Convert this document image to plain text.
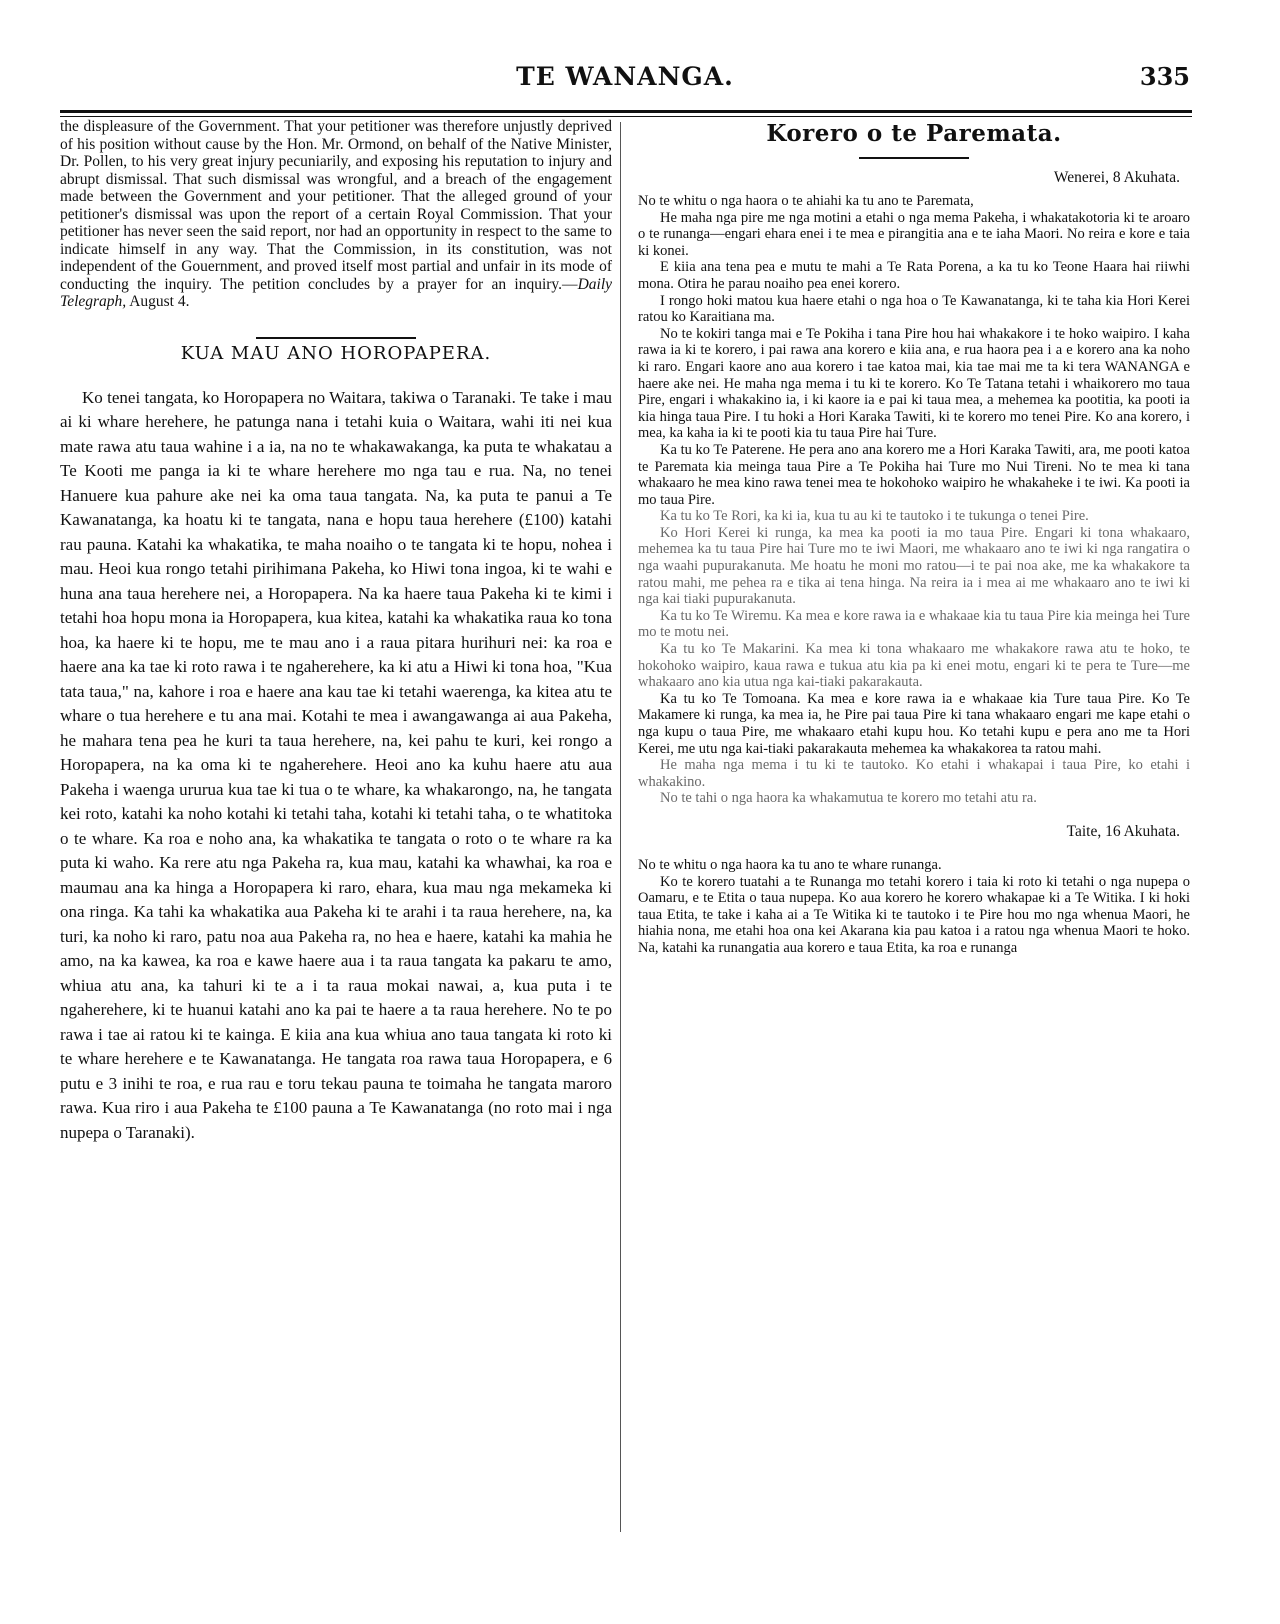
TE WANANGA.	335

the displeasure of the Government. That your petitioner was therefore unjustly deprived of his position without cause by the Hon. Mr. Ormond, on behalf of the Native Minister, Dr. Pollen, to his very great injury pecuniarily, and exposing his reputation to injury and abrupt dismissal. That such dismissal was wrongful, and a breach of the engagement made between the Government and your petitioner. That the alleged ground of your petitioner's dismissal was upon the report of a certain Royal Commission. That your petitioner has never seen the said report, nor had an opportunity in respect to the same to indicate himself in any way. That the Commission, in its constitution, was not independent of the Gouernment, and proved itself most partial and unfair in its mode of conducting the inquiry. The petition concludes by a prayer for an inquiry.—Daily Telegraph, August 4.

KUA MAU ANO HOROPAPERA.

Ko tenei tangata, ko Horopapera no Waitara, takiwa o Taranaki. Te take i mau ai ki whare herehere, he patunga nana i tetahi kuia o Waitara, wahi iti nei kua mate rawa atu taua wahine i a ia, na no te whakawakanga, ka puta te whakatau a Te Kooti me panga ia ki te whare herehere mo nga tau e rua. Na, no tenei Hanuere kua pahure ake nei ka oma taua tangata. Na, ka puta te panui a Te Kawanatanga, ka hoatu ki te tangata, nana e hopu taua herehere (£100) katahi rau pauna. Katahi ka whakatika, te maha noaiho o te tangata ki te hopu, nohea i mau. Heoi kua rongo tetahi pirihimana Pakeha, ko Hiwi tona ingoa, ki te wahi e huna ana taua herehere nei, a Horopapera. Na ka haere taua Pakeha ki te kimi i tetahi hoa hopu mona ia Horopapera, kua kitea, katahi ka whakatika raua ko tona hoa, ka haere ki te hopu, me te mau ano i a raua pitara hurihuri nei: ka roa e haere ana ka tae ki roto rawa i te ngaherehere, ka ki atu a Hiwi ki tona hoa, "Kua tata taua," na, kahore i roa e haere ana kau tae ki tetahi waerenga, ka kitea atu te whare o tua herehere e tu ana mai. Kotahi te mea i awangawanga ai aua Pakeha, he mahara tena pea he kuri ta taua herehere, na, kei pahu te kuri, kei rongo a Horopapera, na ka oma ki te ngaherehere. Heoi ano ka kuhu haere atu aua Pakeha i waenga ururua kua tae ki tua o te whare, ka whakarongo, na, he tangata kei roto, katahi ka noho kotahi ki tetahi taha, kotahi ki tetahi taha, o te whatitoka o te whare. Ka roa e noho ana, ka whakatika te tangata o roto o te whare ra ka puta ki waho. Ka rere atu nga Pakeha ra, kua mau, katahi ka whawhai, ka roa e maumau ana ka hinga a Horopapera ki raro, ehara, kua mau nga mekameka ki ona ringa. Ka tahi ka whakatika aua Pakeha ki te arahi i ta raua herehere, na, ka turi, ka noho ki raro, patu noa aua Pakeha ra, no hea e haere, katahi ka mahia he amo, na ka kawea, ka roa e kawe haere aua i ta raua tangata ka pakaru te amo, whiua atu ana, ka tahuri ki te a i ta raua mokai nawai, a, kua puta i te ngaherehere, ki te huanui katahi ano ka pai te haere a ta raua herehere. No te po rawa i tae ai ratou ki te kainga. E kiia ana kua whiua ano taua tangata ki roto ki te whare herehere e te Kawanatanga. He tangata roa rawa taua Horopapera, e 6 putu e 3 inihi te roa, e rua rau e toru tekau pauna te toimaha he tangata maroro rawa. Kua riro i aua Pakeha te £100 pauna a Te Kawanatanga (no roto mai i nga nupepa o Taranaki).

Korero o te Paremata.
Wenerei, 8 Akuhata.

No te whitu o nga haora o te ahiahi ka tu ano te Paremata,

He maha nga pire me nga motini a etahi o nga mema Pakeha, i whakatakotoria ki te aroaro o te runanga—engari ehara enei i te mea e pirangitia ana e te iaha Maori. No reira e kore e taia ki konei.

E kiia ana tena pea e mutu te mahi a Te Rata Porena, a ka tu ko Teone Haara hai riiwhi mona. Otira he parau noaiho pea enei korero.

I rongo hoki matou kua haere etahi o nga hoa o Te Kawanatanga, ki te taha kia Hori Kerei ratou ko Karaitiana ma.

No te kokiri tanga mai e Te Pokiha i tana Pire hou hai whakakore i te hoko waipiro. I kaha rawa ia ki te korero, i pai rawa ana korero e kiia ana, e rua haora pea i a e korero ana ka noho ki raro. Engari kaore ano aua korero i tae katoa mai, kia tae mai me ta ki tera WANANGA e haere ake nei. He maha nga mema i tu ki te korero. Ko Te Tatana tetahi i whaikorero mo taua Pire, engari i whakakino ia, i ki kaore ia e pai ki taua mea, a mehemea ka pootitia, ka pooti ia kia hinga taua Pire. I tu hoki a Hori Karaka Tawiti, ki te korero mo tenei Pire. Ko ana korero, i mea, ka kaha ia ki te pooti kia tu taua Pire hai Ture.

Ka tu ko Te Paterene. He pera ano ana korero me a Hori Karaka Tawiti, ara, me pooti katoa te Paremata kia meinga taua Pire a Te Pokiha hai Ture mo Nui Tireni. No te mea ki tana whakaaro he mea kino rawa tenei mea te hokohoko waipiro he whakaheke i te iwi. Ka pooti ia mo taua Pire.

Ka tu ko Te Rori, ka ki ia, kua tu au ki te tautoko i te tukunga o tenei Pire.

Ko Hori Kerei ki runga, ka mea ka pooti ia mo taua Pire. Engari ki tona whakaaro, mehemea ka tu taua Pire hai Ture mo te iwi Maori, me whakaaro ano te iwi ki nga rangatira o nga waahi pupurakanuta. Me hoatu he moni mo ratou—i te pai noa ake, me ka whakakore ta ratou mahi, me pehea ra e tika ai tena hinga. Na reira ia i mea ai me whakaaro ano te iwi ki nga kai tiaki pupurakanuta.

Ka tu ko Te Wiremu. Ka mea e kore rawa ia e whakaae kia tu taua Pire kia meinga hei Ture mo te motu nei.

Ka tu ko Te Makarini. Ka mea ki tona whakaaro me whakakore rawa atu te hoko, te hokohoko waipiro, kaua rawa e tukua atu kia pa ki enei motu, engari ki te pera te Ture—me whakaaro ano kia utua nga kai-tiaki pakarakauta.

Ka tu ko Te Tomoana. Ka mea e kore rawa ia e whakaae kia Ture taua Pire. Ko Te Makamere ki runga, ka mea ia, he Pire pai taua Pire ki tana whakaaro engari me kape etahi o nga kupu o taua Pire, me whakaaro etahi kupu hou. Ko tetahi kupu e pera ano me ta Hori Kerei, me utu nga kai-tiaki pakarakauta mehemea ka whakakorea ta ratou mahi.

He maha nga mema i tu ki te tautoko. Ko etahi i whakapai i taua Pire, ko etahi i whakakino.

No te tahi o nga haora ka whakamutua te korero mo tetahi atu ra.

Taite, 16 Akuhata.

No te whitu o nga haora ka tu ano te whare runanga.

Ko te korero tuatahi a te Runanga mo tetahi korero i taia ki roto ki tetahi o nga nupepa o Oamaru, e te Etita o taua nupepa. Ko aua korero he korero whakapae ki a Te Witika. I ki hoki taua Etita, te take i kaha ai a Te Witika ki te tautoko i te Pire hou mo nga whenua Maori, he hiahia nona, me etahi hoa ona kei Akarana kia pau katoa i a ratou nga whenua Maori te hoko. Na, katahi ka runangatia aua korero e taua Etita, ka roa e runanga
